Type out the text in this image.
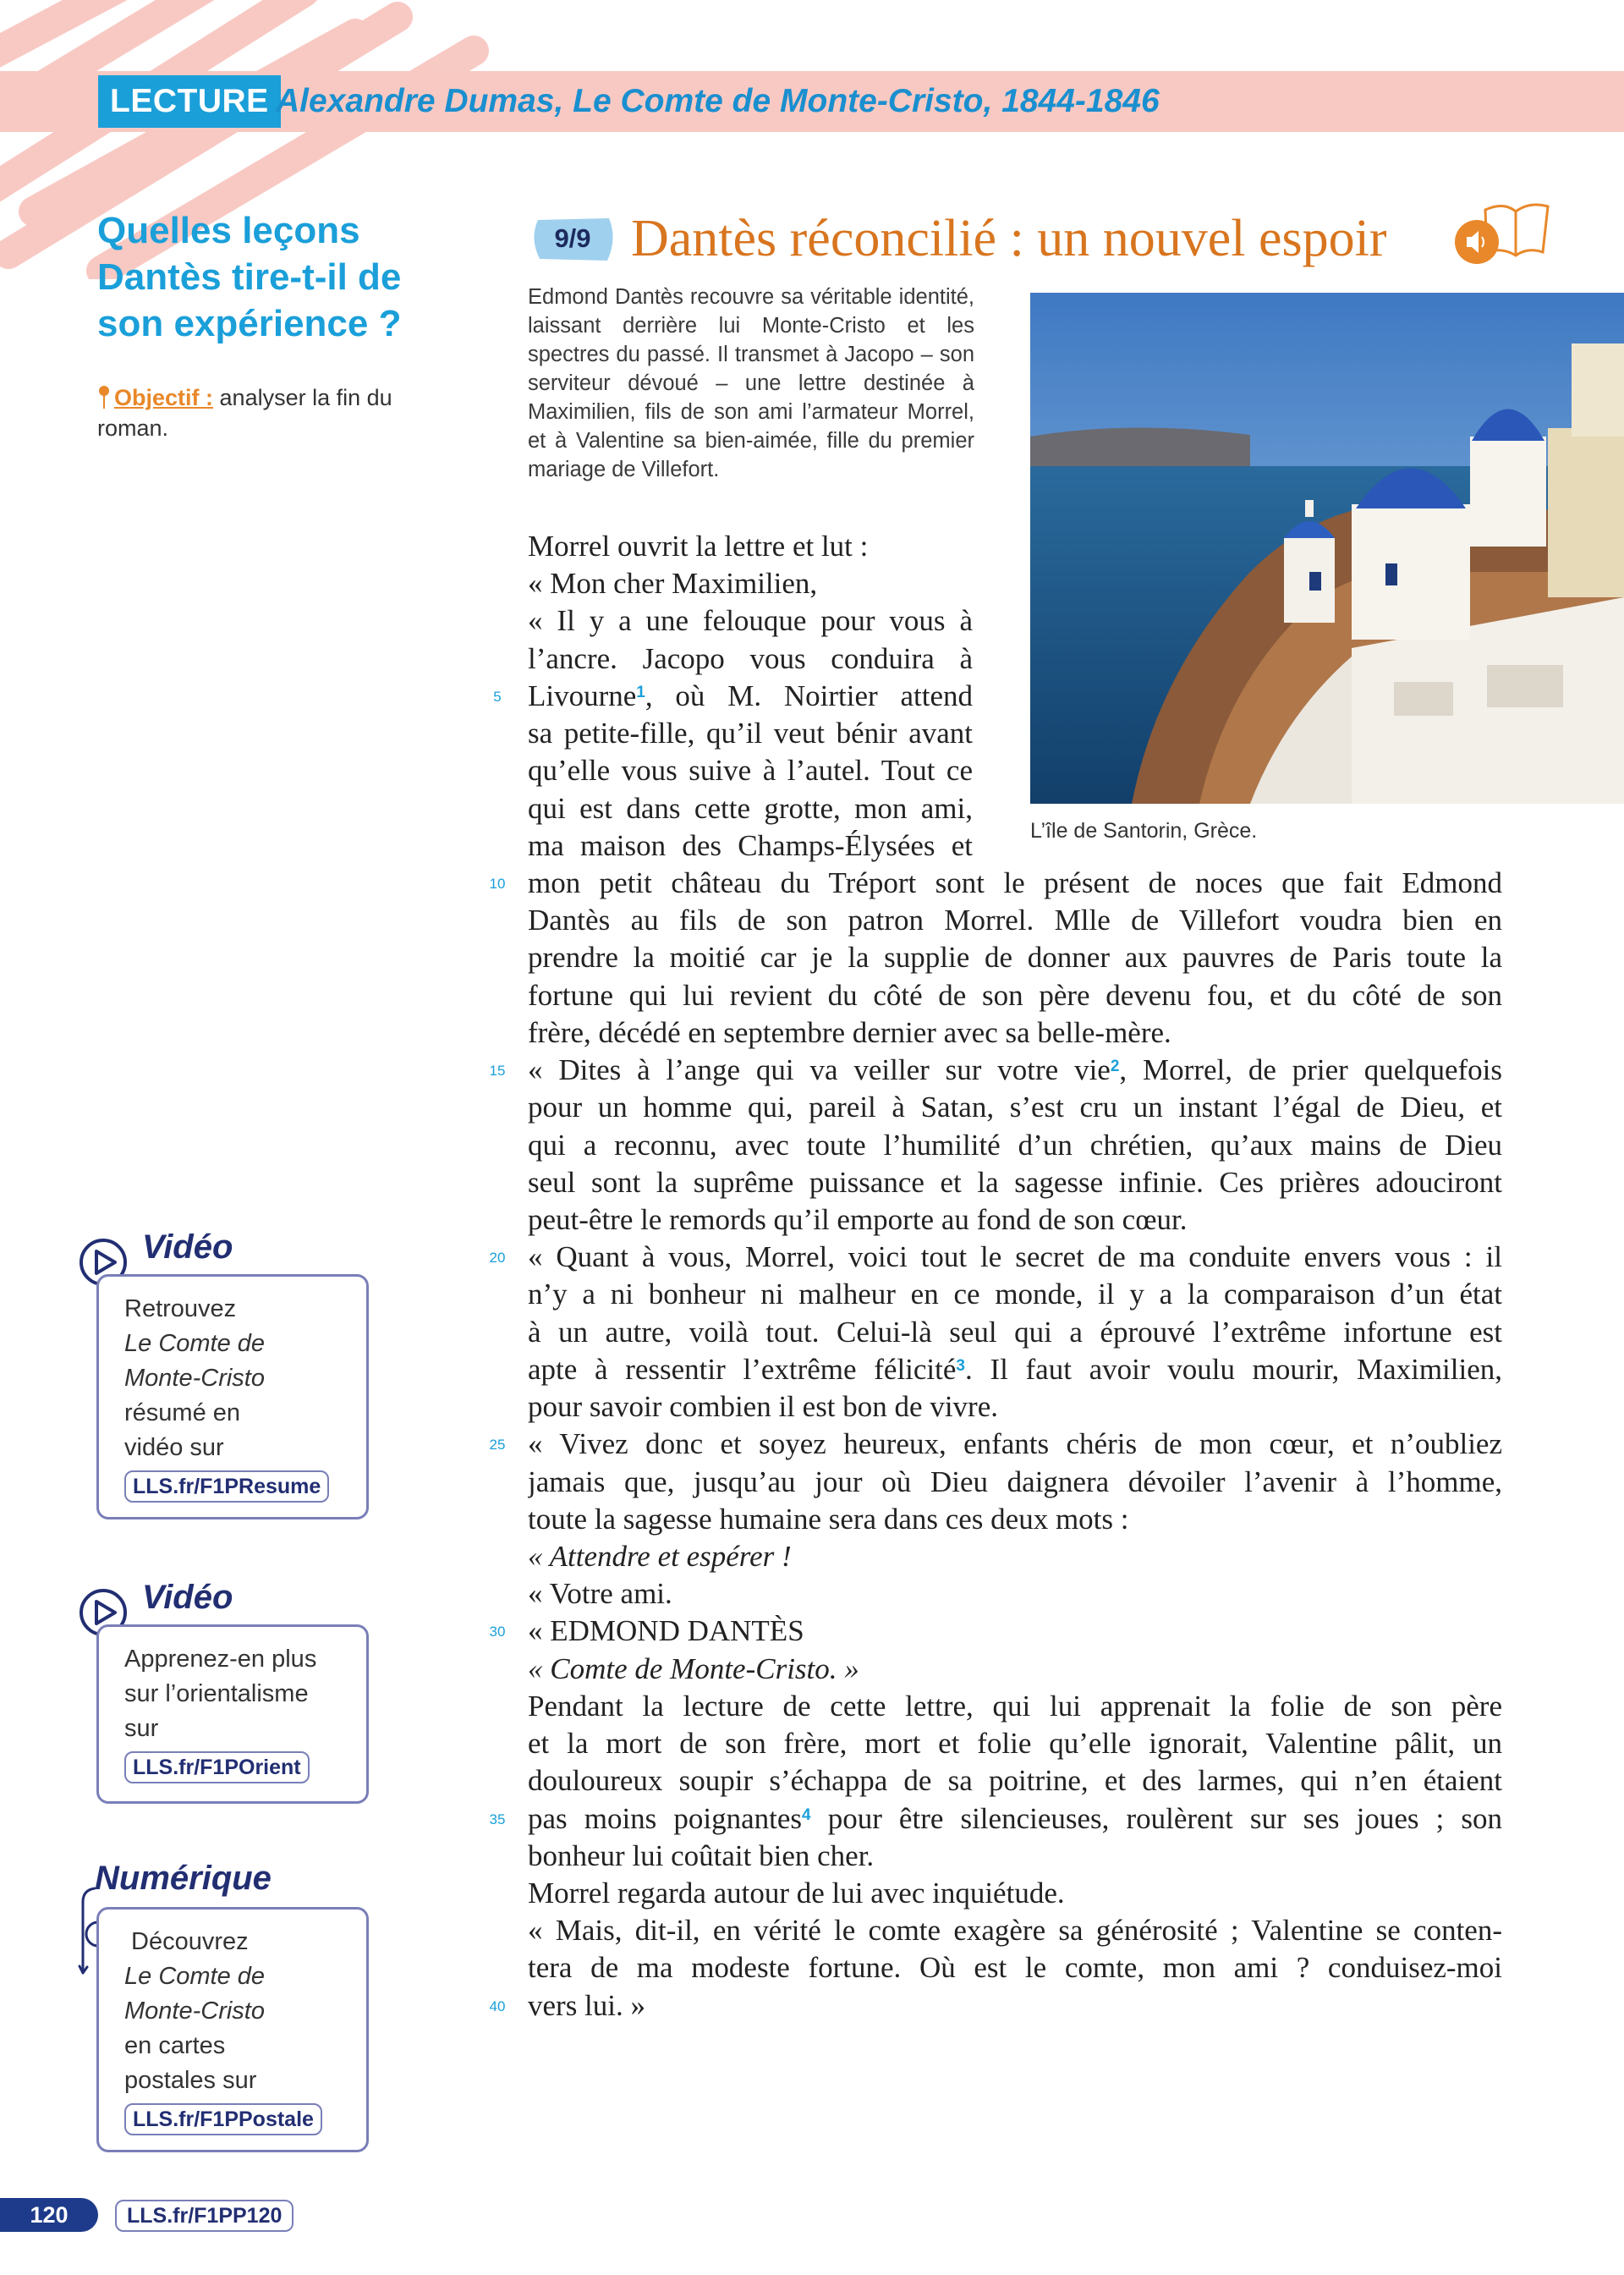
LECTURE Alexandre Dumas, Le Comte de Monte-Cristo, 1844-1846
Quelles leçons Dantès tire-t-il de son expérience ?
Objectif : analyser la fin du roman.
Vidéo
Retrouvez
Le Comte de Monte-Cristo
résumé en vidéo sur
LLS.fr/F1PResume
Vidéo
Apprenez-en plus sur l’orientalisme sur
LLS.fr/F1POrient
Numérique
Découvrez
Le Comte de Monte-Cristo
en cartes postales sur
LLS.fr/F1PPostale
9/9 Dantès réconcilié : un nouvel espoir
Edmond Dantès recouvre sa véritable identité, laissant derrière lui Monte-Cristo et les spectres du passé. Il transmet à Jacopo – son serviteur dévoué – une lettre destinée à Maximilien, fils de son ami l’armateur Morrel, et à Valentine sa bien-aimée, fille du premier mariage de Villefort.
L’île de Santorin, Grèce.
Morrel ouvrit la lettre et lut :
« Mon cher Maximilien,
« Il y a une felouque pour vous à
l’ancre. Jacopo vous conduira à
Livourne$^1$, où M. Noirtier attend
5
sa petite-fille, qu’il veut bénir avant
qu’elle vous suive à l’autel. Tout ce
qui est dans cette grotte, mon ami,
ma maison des Champs-Élysées et
mon petit château du Tréport sont le présent de noces que fait Edmond
10
Dantès au fils de son patron Morrel. Mlle de Villefort voudra bien en
prendre la moitié car je la supplie de donner aux pauvres de Paris toute la
fortune qui lui revient du côté de son père devenu fou, et du côté de son
frère, décédé en septembre dernier avec sa belle-mère.
« Dites à l’ange qui va veiller sur votre vie$^2$, Morrel, de prier quelquefois
15
pour un homme qui, pareil à Satan, s’est cru un instant l’égal de Dieu, et
qui a reconnu, avec toute l’humilité d’un chrétien, qu’aux mains de Dieu
seul sont la suprême puissance et la sagesse infinie. Ces prières adouciront
peut-être le remords qu’il emporte au fond de son cœur.
« Quant à vous, Morrel, voici tout le secret de ma conduite envers vous : il
20
n’y a ni bonheur ni malheur en ce monde, il y a la comparaison d’un état
à un autre, voilà tout. Celui-là seul qui a éprouvé l’extrême infortune est
apte à ressentir l’extrême félicité$^3$. Il faut avoir voulu mourir, Maximilien,
pour savoir combien il est bon de vivre.
« Vivez donc et soyez heureux, enfants chéris de mon cœur, et n’oubliez
25
jamais que, jusqu’au jour où Dieu daignera dévoiler l’avenir à l’homme,
toute la sagesse humaine sera dans ces deux mots :
« Attendre et espérer !
« Votre ami.
« EDMOND DANTÈS
30
« Comte de Monte-Cristo. »
Pendant la lecture de cette lettre, qui lui apprenait la folie de son père
et la mort de son frère, mort et folie qu’elle ignorait, Valentine pâlit, un
douloureux soupir s’échappa de sa poitrine, et des larmes, qui n’en étaient
pas moins poignantes$^4$ pour être silencieuses, roulèrent sur ses joues ; son
35
bonheur lui coûtait bien cher.
Morrel regarda autour de lui avec inquiétude.
« Mais, dit-il, en vérité le comte exagère sa générosité ; Valentine se conten-
tera de ma modeste fortune. Où est le comte, mon ami ? conduisez-moi
vers lui. »
40
120	LLS.fr/F1PP120
